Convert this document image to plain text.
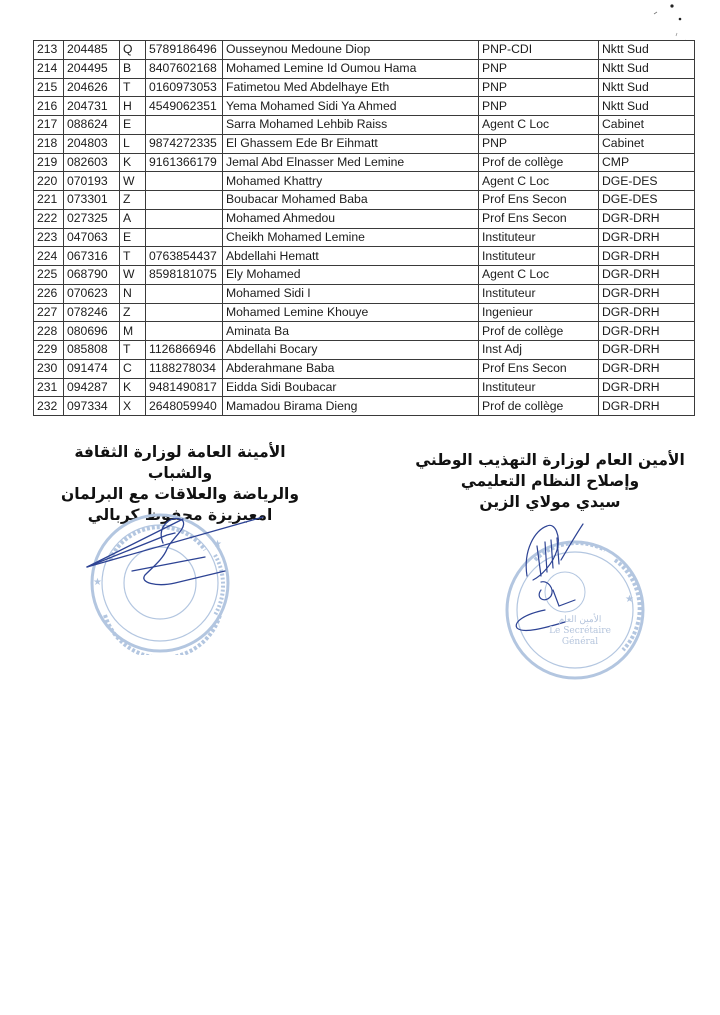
213	204485	Q	5789186496	Ousseynou Medoune Diop	PNP-CDI	Nktt Sud
214	204495	B	8407602168	Mohamed Lemine Id Oumou Hama	PNP	Nktt Sud
215	204626	T	0160973053	Fatimetou Med Abdelhaye Eth	PNP	Nktt Sud
216	204731	H	4549062351	Yema Mohamed Sidi Ya Ahmed	PNP	Nktt Sud
217	088624	E		Sarra Mohamed Lehbib Raiss	Agent C Loc	Cabinet
218	204803	L	9874272335	El Ghassem Ede Br Eihmatt	PNP	Cabinet
219	082603	K	9161366179	Jemal Abd Elnasser Med Lemine	Prof de collège	CMP
220	070193	W		Mohamed Khattry	Agent C Loc	DGE-DES
221	073301	Z		Boubacar Mohamed Baba	Prof Ens Secon	DGE-DES
222	027325	A		Mohamed Ahmedou	Prof Ens Secon	DGR-DRH
223	047063	E		Cheikh Mohamed Lemine	Instituteur	DGR-DRH
224	067316	T	0763854437	Abdellahi Hematt	Instituteur	DGR-DRH
225	068790	W	8598181075	Ely Mohamed	Agent C Loc	DGR-DRH
226	070623	N		Mohamed Sidi I	Instituteur	DGR-DRH
227	078246	Z		Mohamed Lemine Khouye	Ingenieur	DGR-DRH
228	080696	M		Aminata Ba	Prof de collège	DGR-DRH
229	085808	T	1126866946	Abdellahi Bocary	Inst Adj	DGR-DRH
230	091474	C	1188278034	Abderahmane Baba	Prof Ens Secon	DGR-DRH
231	094287	K	9481490817	Eidda Sidi Boubacar	Instituteur	DGR-DRH
232	097334	X	2648059940	Mamadou Birama Dieng	Prof de collège	DGR-DRH
الأمينة العامة لوزارة الثقافة والشباب
والرياضة والعلاقات مع البرلمان
امعيزيزة محفوظ كربالي
الأمين العام لوزارة التهذيب الوطني
وإصلاح النظام التعليمي
سيدي مولاي الزين
★
★
★
الأمين العام
Le Secrétaire
Général
